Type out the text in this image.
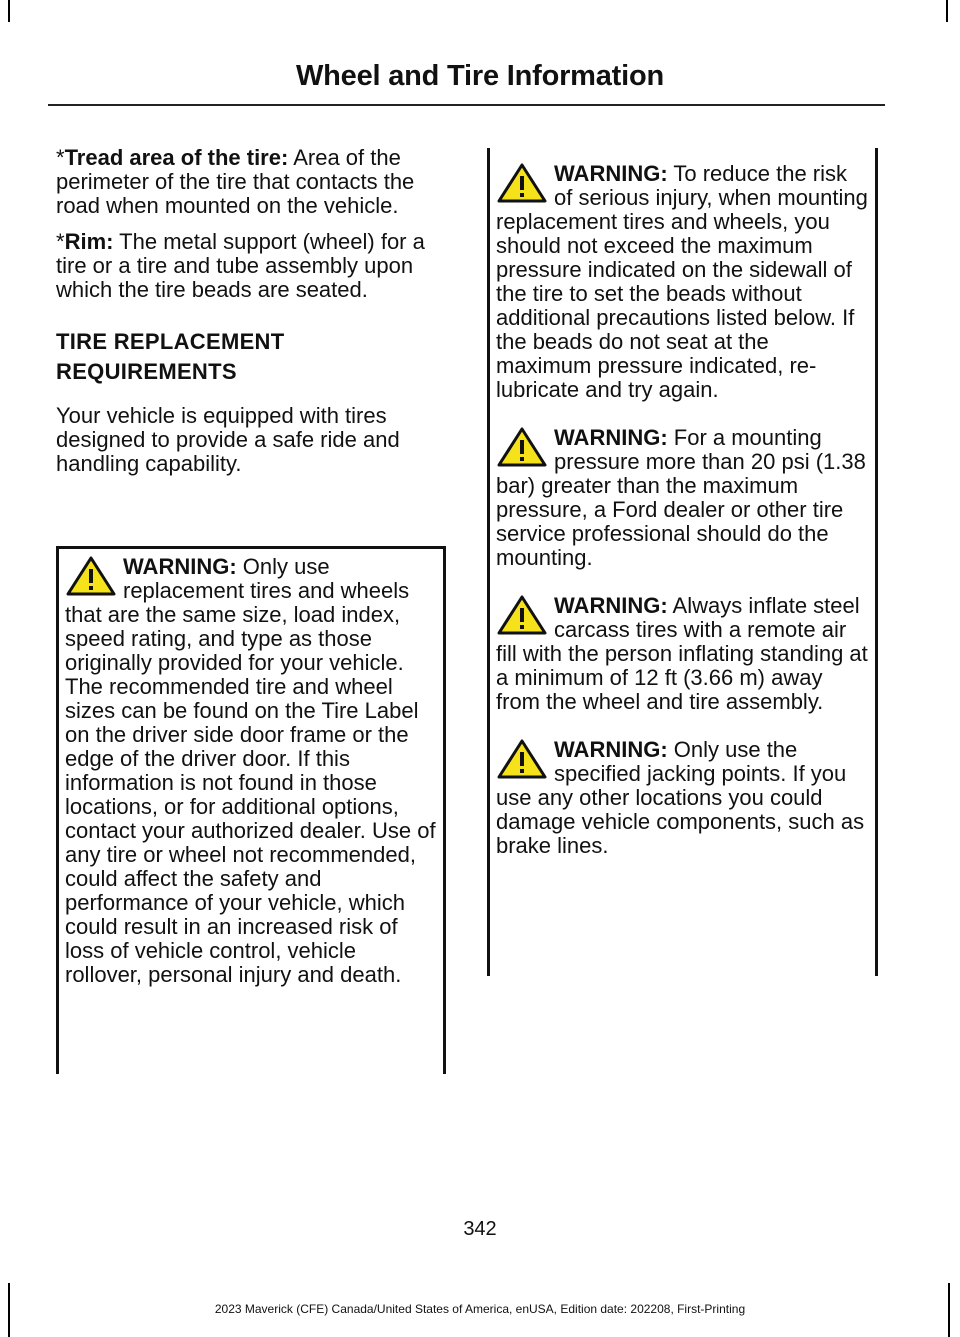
Wheel and Tire Information

*Tread area of the tire: Area of the perimeter of the tire that contacts the road when mounted on the vehicle.

*Rim: The metal support (wheel) for a tire or a tire and tube assembly upon which the tire beads are seated.

TIRE REPLACEMENT
REQUIREMENTS

Your vehicle is equipped with tires designed to provide a safe ride and handling capability.

WARNING: Only use replacement tires and wheels that are the same size, load index, speed rating, and type as those originally provided for your vehicle. The recommended tire and wheel sizes can be found on the Tire Label on the driver side door frame or the edge of the driver door. If this information is not found in those locations, or for additional options, contact your authorized dealer. Use of any tire or wheel not recommended, could affect the safety and performance of your vehicle, which could result in an increased risk of loss of vehicle control, vehicle rollover, personal injury and death.
WARNING: To reduce the risk of serious injury, when mounting replacement tires and wheels, you should not exceed the maximum pressure indicated on the sidewall of the tire to set the beads without additional precautions listed below. If the beads do not seat at the maximum pressure indicated, re-lubricate and try again.
WARNING: For a mounting pressure more than 20 psi (1.38 bar) greater than the maximum pressure, a Ford dealer or other tire service professional should do the mounting.
WARNING: Always inflate steel carcass tires with a remote air fill with the person inflating standing at a minimum of 12 ft (3.66 m) away from the wheel and tire assembly.
WARNING: Only use the specified jacking points. If you use any other locations you could damage vehicle components, such as brake lines.
342
2023 Maverick (CFE) Canada/United States of America, enUSA, Edition date: 202208, First-Printing
